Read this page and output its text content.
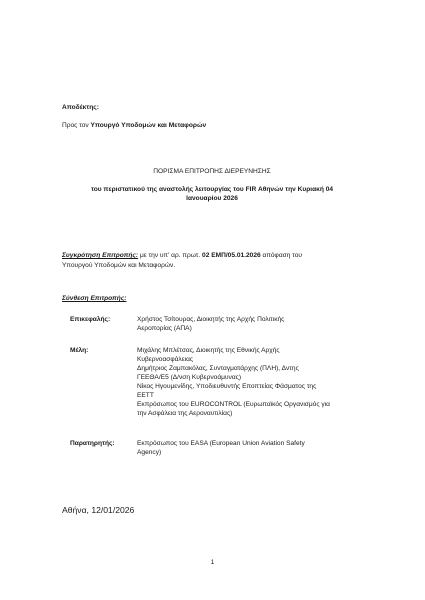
Αποδέκτης:
Προς τον Υπουργό Υποδομών και Μεταφορών
ΠΟΡΙΣΜΑ ΕΠΙΤΡΟΠΗΣ ΔΙΕΡΕΥΝΗΣΗΣ
του περιστατικού της αναστολής λειτουργίας του FIR Αθηνών την Κυριακή 04
Ιανουαρίου 2026
Συγκρότηση Επιτροπής: με την υπ' αρ. πρωτ. 02 ΕΜΠ/05.01.2026 απόφαση του
Υπουργού Υποδομών και Μεταφορών.
Σύνθεση Επιτροπής:
Επικεφαλής:	Χρήστος Τσίτουρας, Διοικητής της Αρχής Πολιτικής
Αεροπορίας (ΑΠΑ)
Μέλη:	Μιχάλης Μπλέτσας, Διοικητής της Εθνικής Αρχής
Κυβερνοασφάλειας
Δημήτριος Ζαμπακόλας, Συνταγματάρχης (ΠΛΗ), Δντης
ΓΕΕΘΑ/Ε5 (Δ/νση Κυβερνοάμυνας)
Νίκος Ηγουμενίδης, Υποδιευθυντής Εποπτείας Φάσματος της
ΕΕΤΤ
Εκπρόσωπος του EUROCONTROL (Ευρωπαϊκός Οργανισμός για
την Ασφάλεια της Αεροναυτιλίας)
Παρατηρητής:	Εκπρόσωπος του EASA (European Union Aviation Safety
Agency)
Αθήνα, 12/01/2026
1
